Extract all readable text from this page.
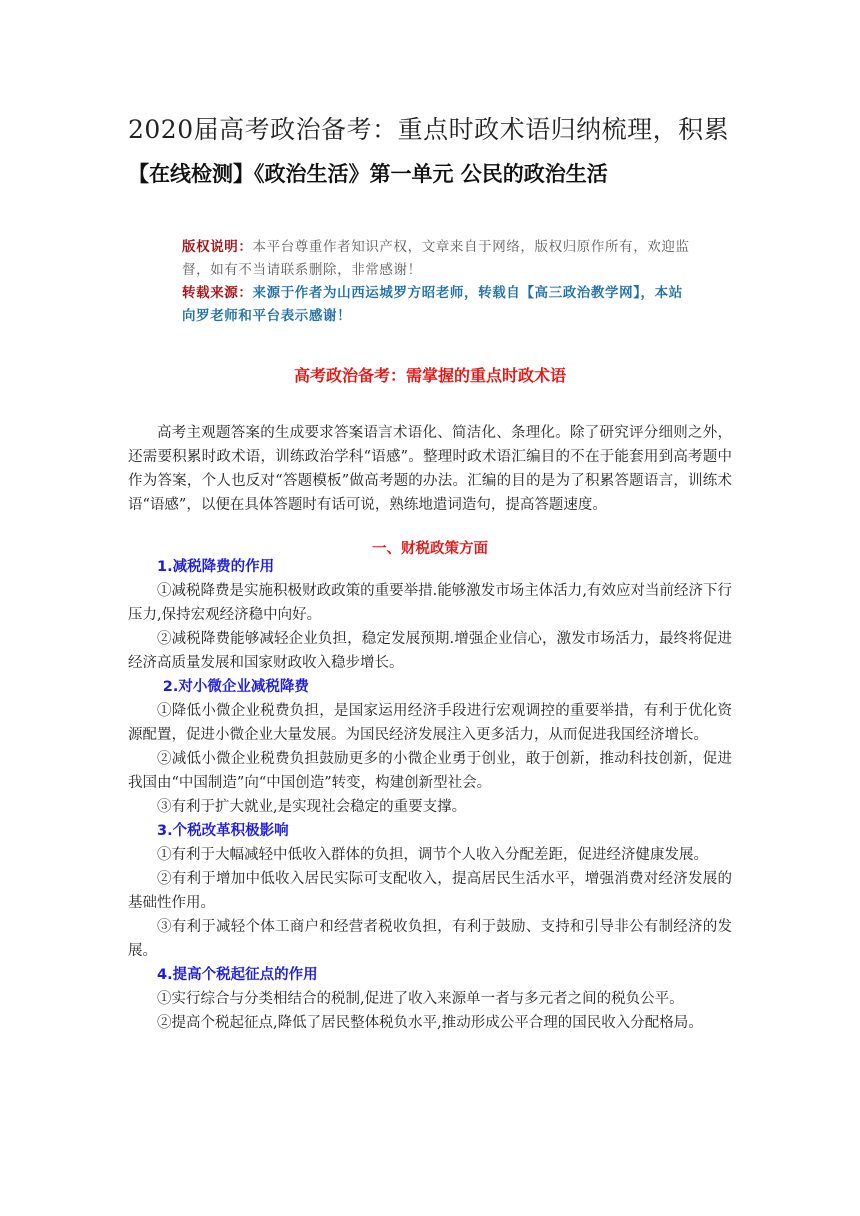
2020届高考政治备考：重点时政术语归纳梳理，积累
【在线检测】《政治生活》第一单元 公民的政治生活

版权说明：本平台尊重作者知识产权，文章来自于网络，版权归原作所有，欢迎监督，如有不当请联系删除，非常感谢！

转载来源：来源于作者为山西运城罗方昭老师，转载自【高三政治教学网】，本站向罗老师和平台表示感谢！

高考政治备考：需掌握的重点时政术语

高考主观题答案的生成要求答案语言术语化、简洁化、条理化。除了研究评分细则之外，还需要积累时政术语，训练政治学科“语感”。整理时政术语汇编目的不在于能套用到高考题中作为答案，个人也反对“答题模板”做高考题的办法。汇编的目的是为了积累答题语言，训练术语“语感”，以便在具体答题时有话可说，熟练地遣词造句，提高答题速度。

一、财税政策方面

1.减税降费的作用

①减税降费是实施积极财政政策的重要举措.能够激发市场主体活力,有效应对当前经济下行压力,保持宏观经济稳中向好。

②减税降费能够减轻企业负担，稳定发展预期.增强企业信心，激发市场活力，最终将促进经济高质量发展和国家财政收入稳步增长。

2.对小微企业减税降费

①降低小微企业税费负担，是国家运用经济手段进行宏观调控的重要举措，有利于优化资源配置，促进小微企业大量发展。为国民经济发展注入更多活力，从而促进我国经济增长。

②减低小微企业税费负担鼓励更多的小微企业勇于创业，敢于创新，推动科技创新，促进我国由“中国制造”向“中国创造”转变，构建创新型社会。

③有利于扩大就业,是实现社会稳定的重要支撑。

3.个税改革积极影响

①有利于大幅减轻中低收入群体的负担，调节个人收入分配差距，促进经济健康发展。

②有利于增加中低收入居民实际可支配收入，提高居民生活水平，增强消费对经济发展的基础性作用。

③有利于减轻个体工商户和经营者税收负担，有利于鼓励、支持和引导非公有制经济的发展。

4.提高个税起征点的作用

①实行综合与分类相结合的税制,促进了收入来源单一者与多元者之间的税负公平。

②提高个税起征点,降低了居民整体税负水平,推动形成公平合理的国民收入分配格局。
